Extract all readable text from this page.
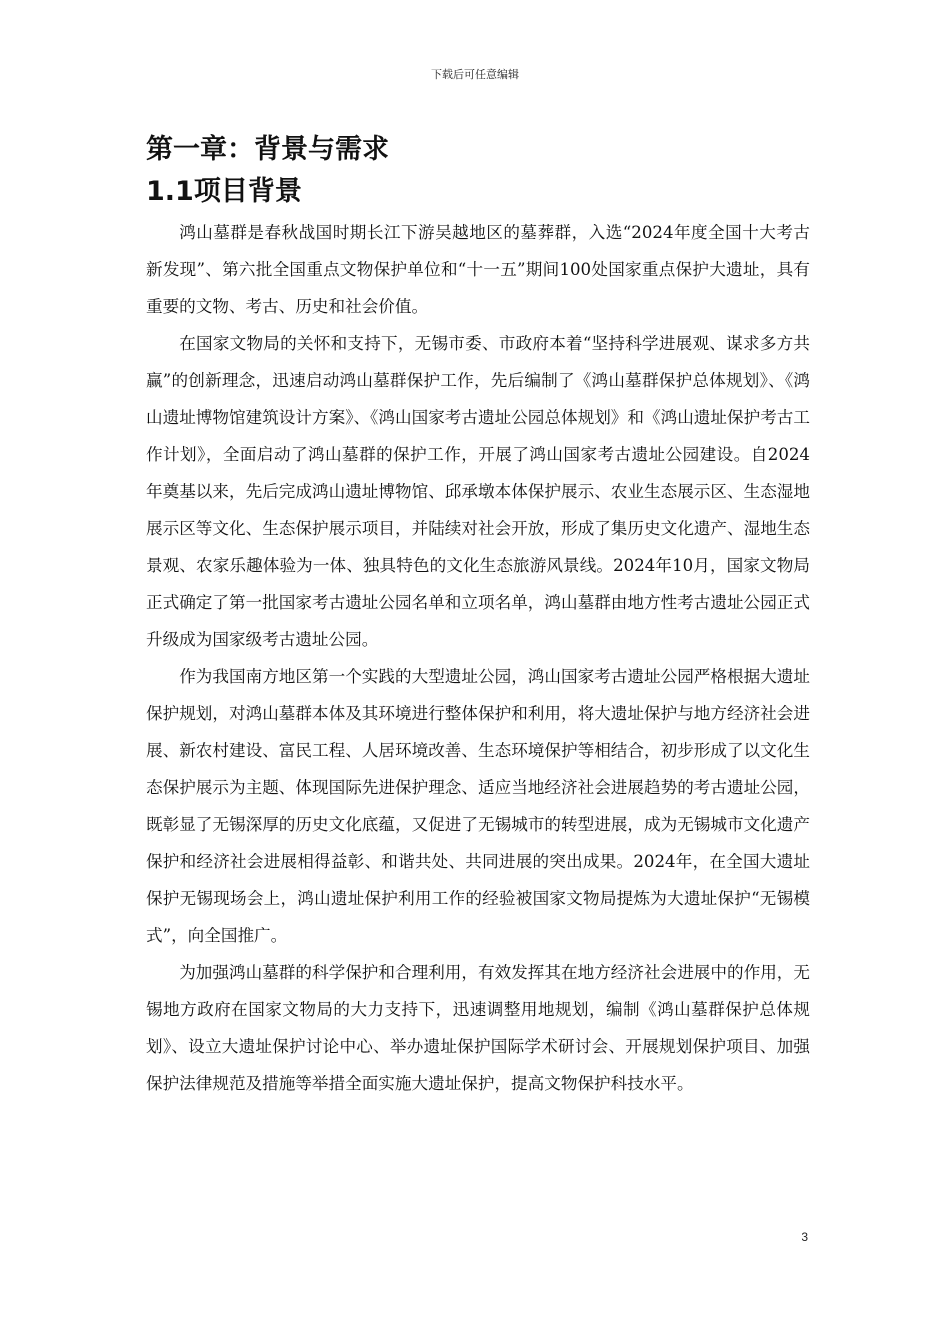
下载后可任意编辑
第一章：背景与需求
1.1项目背景

鸿山墓群是春秋战国时期长江下游吴越地区的墓葬群，入选“2024年度全国十大考古新发现”、第六批全国重点文物保护单位和“十一五”期间100处国家重点保护大遗址，具有重要的文物、考古、历史和社会价值。

在国家文物局的关怀和支持下，无锡市委、市政府本着“坚持科学进展观、谋求多方共赢”的创新理念，迅速启动鸿山墓群保护工作，先后编制了《鸿山墓群保护总体规划》、《鸿山遗址博物馆建筑设计方案》、《鸿山国家考古遗址公园总体规划》和《鸿山遗址保护考古工作计划》，全面启动了鸿山墓群的保护工作，开展了鸿山国家考古遗址公园建设。自2024年奠基以来，先后完成鸿山遗址博物馆、邱承墩本体保护展示、农业生态展示区、生态湿地展示区等文化、生态保护展示项目，并陆续对社会开放，形成了集历史文化遗产、湿地生态景观、农家乐趣体验为一体、独具特色的文化生态旅游风景线。2024年10月，国家文物局正式确定了第一批国家考古遗址公园名单和立项名单，鸿山墓群由地方性考古遗址公园正式升级成为国家级考古遗址公园。

作为我国南方地区第一个实践的大型遗址公园，鸿山国家考古遗址公园严格根据大遗址保护规划，对鸿山墓群本体及其环境进行整体保护和利用，将大遗址保护与地方经济社会进展、新农村建设、富民工程、人居环境改善、生态环境保护等相结合，初步形成了以文化生态保护展示为主题、体现国际先进保护理念、适应当地经济社会进展趋势的考古遗址公园，既彰显了无锡深厚的历史文化底蕴，又促进了无锡城市的转型进展，成为无锡城市文化遗产保护和经济社会进展相得益彰、和谐共处、共同进展的突出成果。2024年，在全国大遗址保护无锡现场会上，鸿山遗址保护利用工作的经验被国家文物局提炼为大遗址保护“无锡模式”，向全国推广。

为加强鸿山墓群的科学保护和合理利用，有效发挥其在地方经济社会进展中的作用，无锡地方政府在国家文物局的大力支持下，迅速调整用地规划，编制《鸿山墓群保护总体规划》、设立大遗址保护讨论中心、举办遗址保护国际学术研讨会、开展规划保护项目、加强保护法律规范及措施等举措全面实施大遗址保护，提高文物保护科技水平。

3
